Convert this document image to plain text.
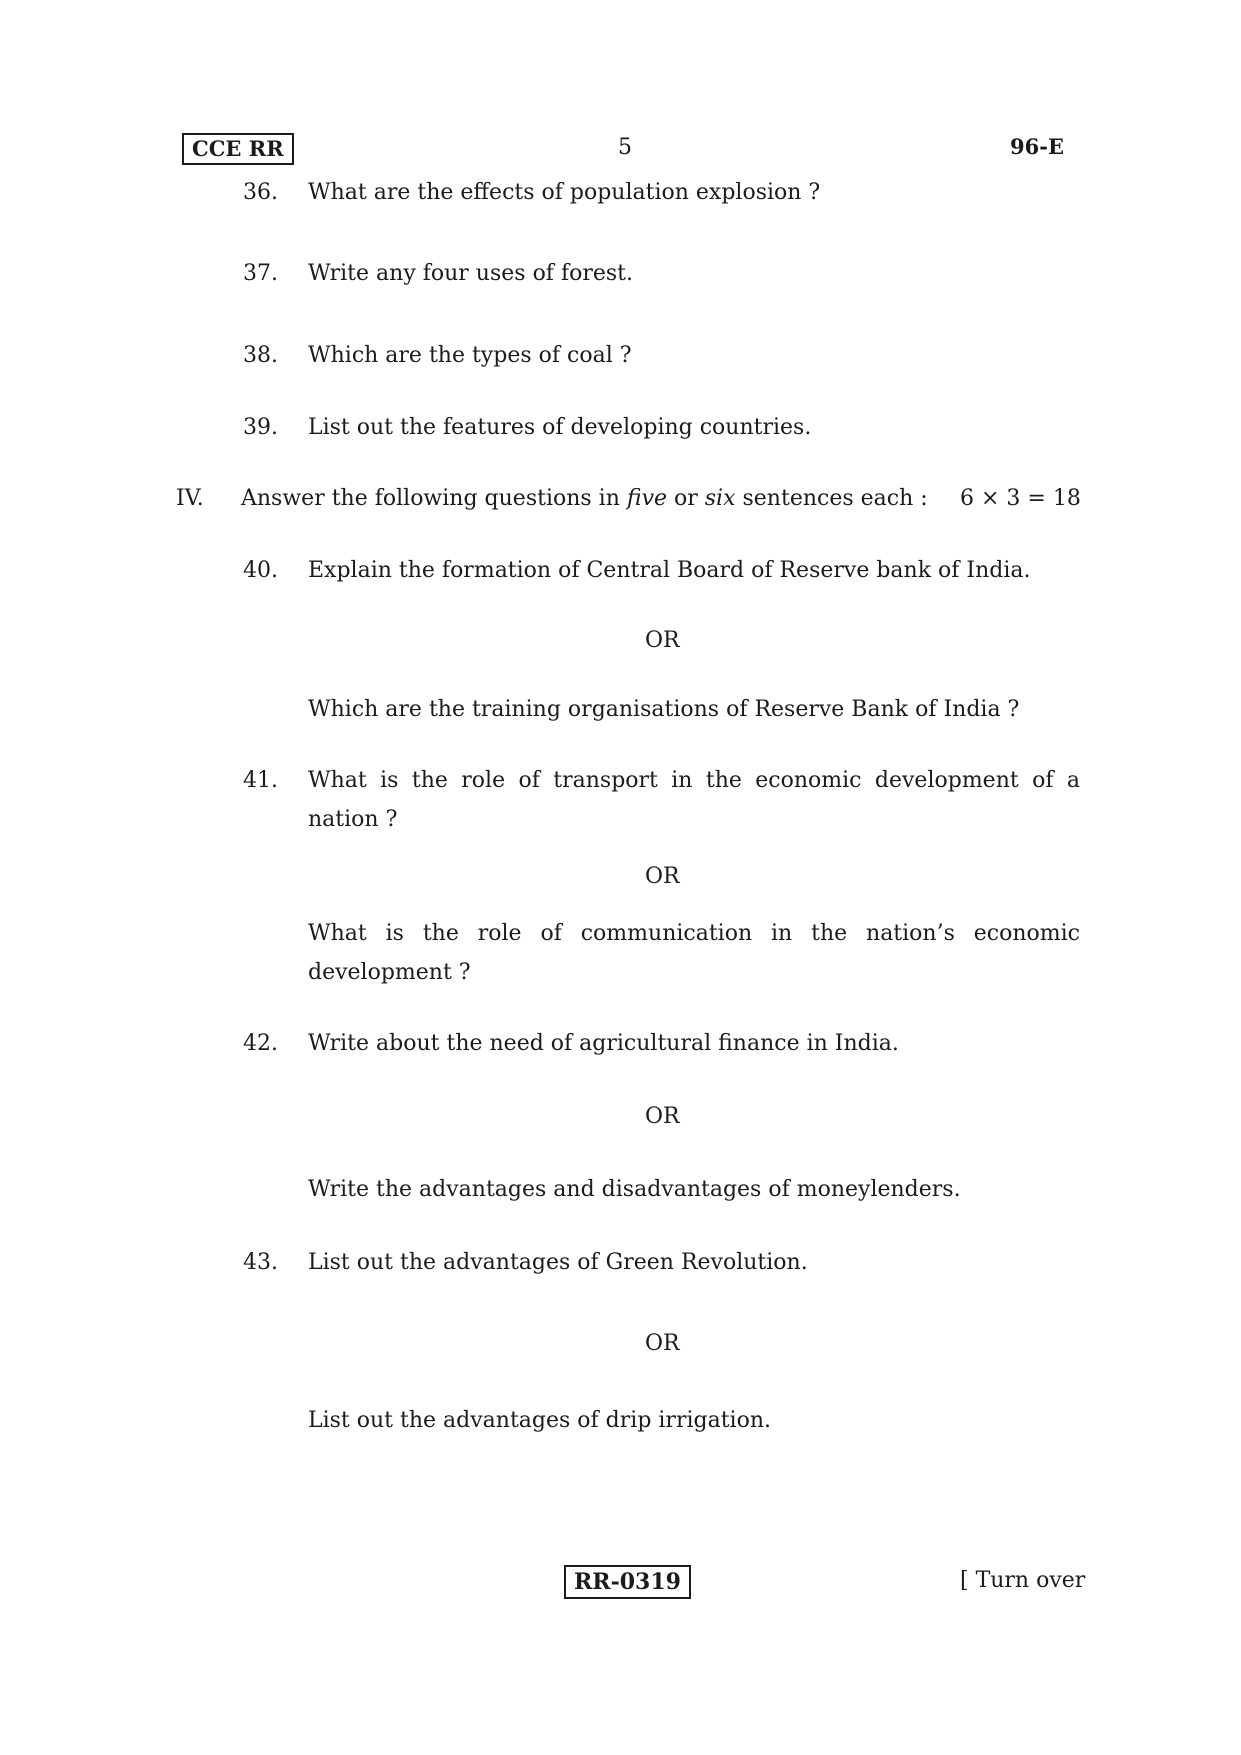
CCE RR	5	96-E
36. What are the effects of population explosion ?
37. Write any four uses of forest.
38. Which are the types of coal ?
39. List out the features of developing countries.
IV. Answer the following questions in five or six sentences each : 6 × 3 = 18
40. Explain the formation of Central Board of Reserve bank of India.
OR
Which are the training organisations of Reserve Bank of India ?
41. What is the role of transport in the economic development of a
nation ?
OR
What is the role of communication in the nation’s economic
development ?
42. Write about the need of agricultural finance in India.
OR
Write the advantages and disadvantages of moneylenders.
43. List out the advantages of Green Revolution.
OR
List out the advantages of drip irrigation.
RR-0319	[ Turn over
